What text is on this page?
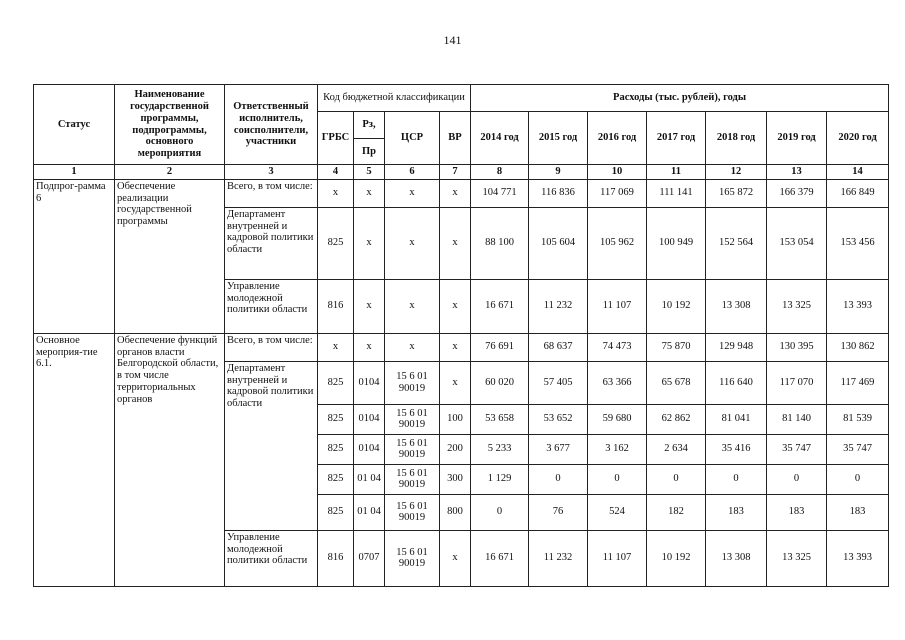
141
Статус	Наименование государственной программы, подпрограммы, основного мероприятия	Ответственный исполнитель, соисполнители, участники	Код бюджетной классификации				Расходы (тыс. рублей), годы						
			ГРБС	Рз,	ЦСР	ВР	2014 год	2015 год	2016 год	2017 год	2018 год	2019 год	2020 год
				Пр									
1	2	3	4	5	6	7	8	9	10	11	12	13	14
Подпрог-рамма 6	Обеспечение реализации государственной программы	Всего, в том числе:	х	х	х	х	104 771	116 836	117 069	111 141	165 872	166 379	166 849
		Департамент внутренней и кадровой политики области	825	х	х	х	88 100	105 604	105 962	100 949	152 564	153 054	153 456
		Управление молодежной политики области	816	х	х	х	16 671	11 232	11 107	10 192	13 308	13 325	13 393
Основное мероприя-тие 6.1.	Обеспечение функций органов власти Белгородской области, в том числе территориальных органов	Всего, в том числе:	х	х	х	х	76 691	68 637	74 473	75 870	129 948	130 395	130 862
		Департамент внутренней и кадровой политики области	825	0104	15 6 01 90019	х	60 020	57 405	63 366	65 678	116 640	117 070	117 469
			825	0104	15 6 01 90019	100	53 658	53 652	59 680	62 862	81 041	81 140	81 539
			825	0104	15 6 01 90019	200	5 233	3 677	3 162	2 634	35 416	35 747	35 747
			825	01 04	15 6 01 90019	300	1 129	0	0	0	0	0	0
			825	01 04	15 6 01 90019	800	0	76	524	182	183	183	183
		Управление молодежной политики области	816	0707	15 6 01 90019	х	16 671	11 232	11 107	10 192	13 308	13 325	13 393
